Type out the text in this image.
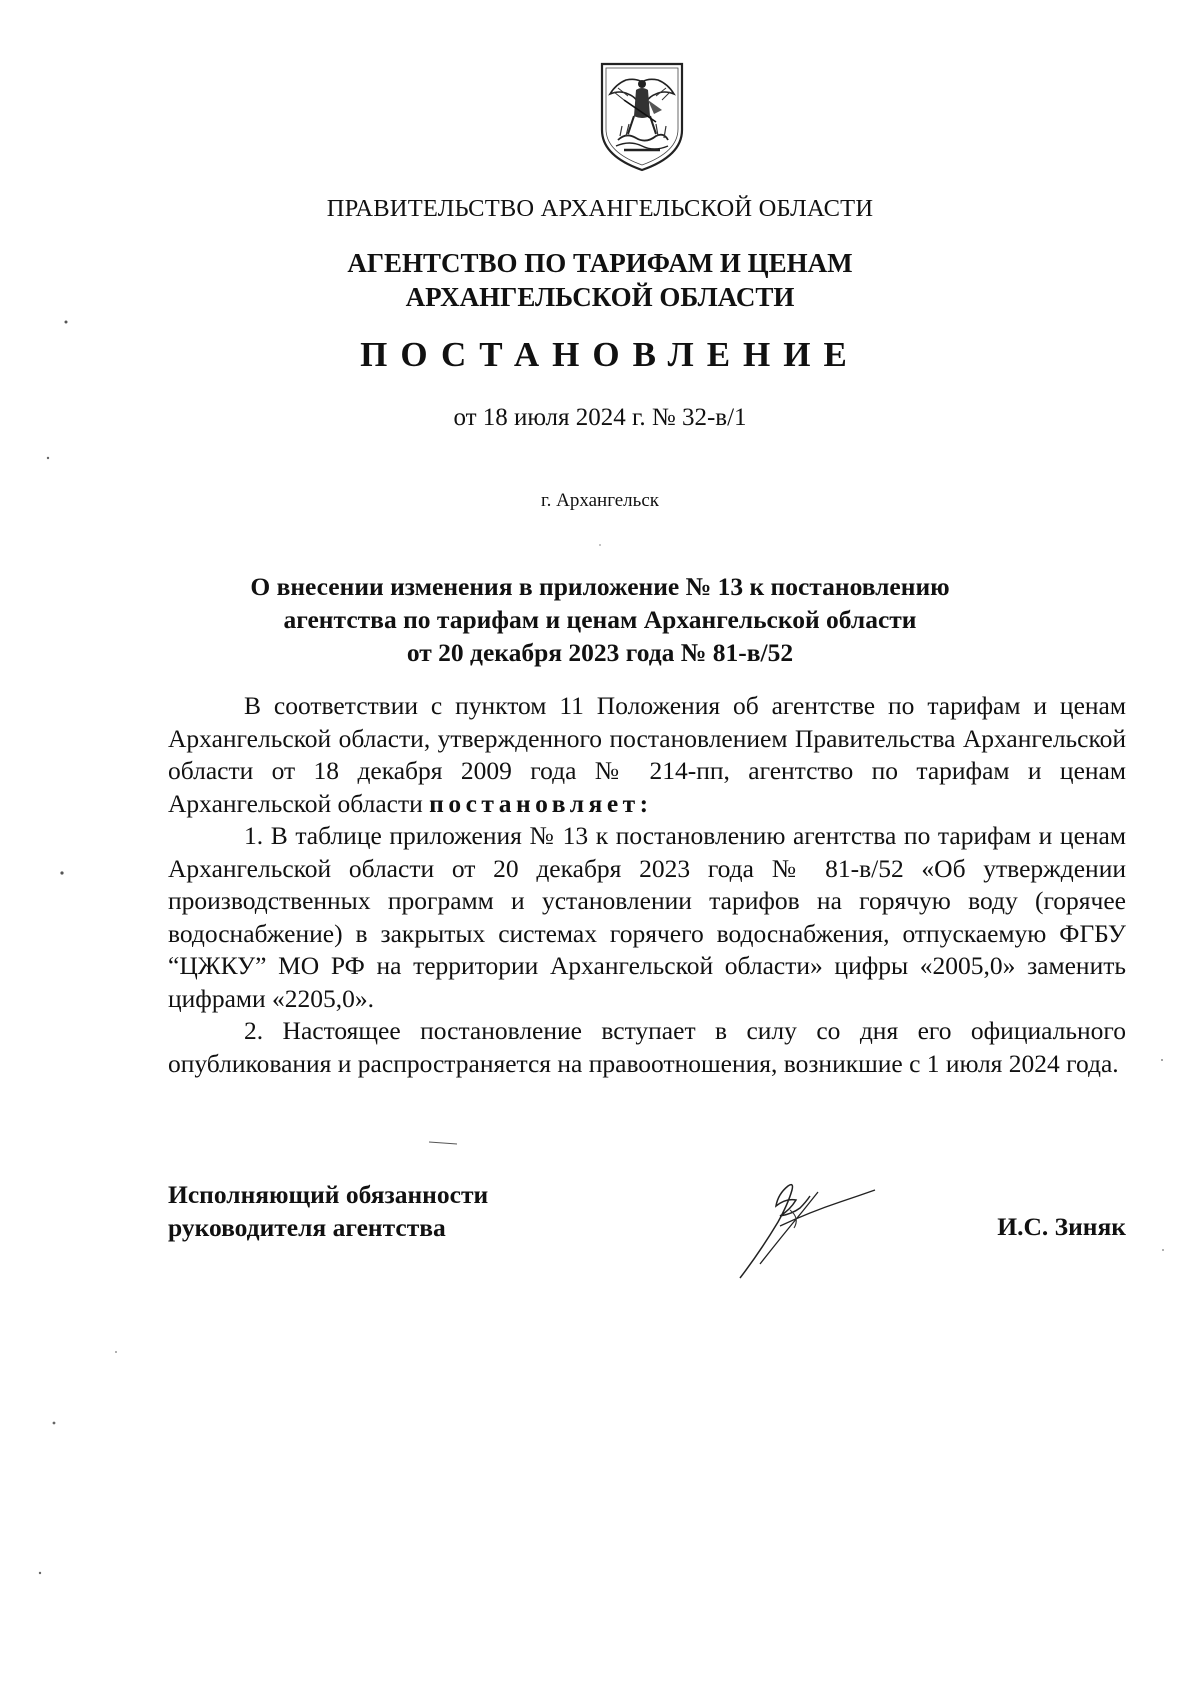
ПРАВИТЕЛЬСТВО АРХАНГЕЛЬСКОЙ ОБЛАСТИ
АГЕНТСТВО ПО ТАРИФАМ И ЦЕНАМ
АРХАНГЕЛЬСКОЙ ОБЛАСТИ
ПОСТАНОВЛЕНИЕ
от 18 июля 2024 г. № 32-в/1
г. Архангельск
О внесении изменения в приложение № 13 к постановлению
агентства по тарифам и ценам Архангельской области
от 20 декабря 2023 года № 81-в/52

В соответствии с пунктом 11 Положения об агентстве по тарифам и ценам Архангельской области, утвержденного постановлением Правительства Архангельской области от 18 декабря 2009 года № 214-пп, агентство по тарифам и ценам Архангельской области постановляет:

1. В таблице приложения № 13 к постановлению агентства по тарифам и ценам Архангельской области от 20 декабря 2023 года № 81-в/52 «Об утверждении производственных программ и установлении тарифов на горячую воду (горячее водоснабжение) в закрытых системах горячего водоснабжения, отпускаемую ФГБУ “ЦЖКУ” МО РФ на территории Архангельской области» цифры «2005,0» заменить цифрами «2205,0».

2. Настоящее постановление вступает в силу со дня его официального опубликования и распространяется на правоотношения, возникшие с 1 июля 2024 года.

Исполняющий обязанности
руководителя агентства	И.С. Зиняк
